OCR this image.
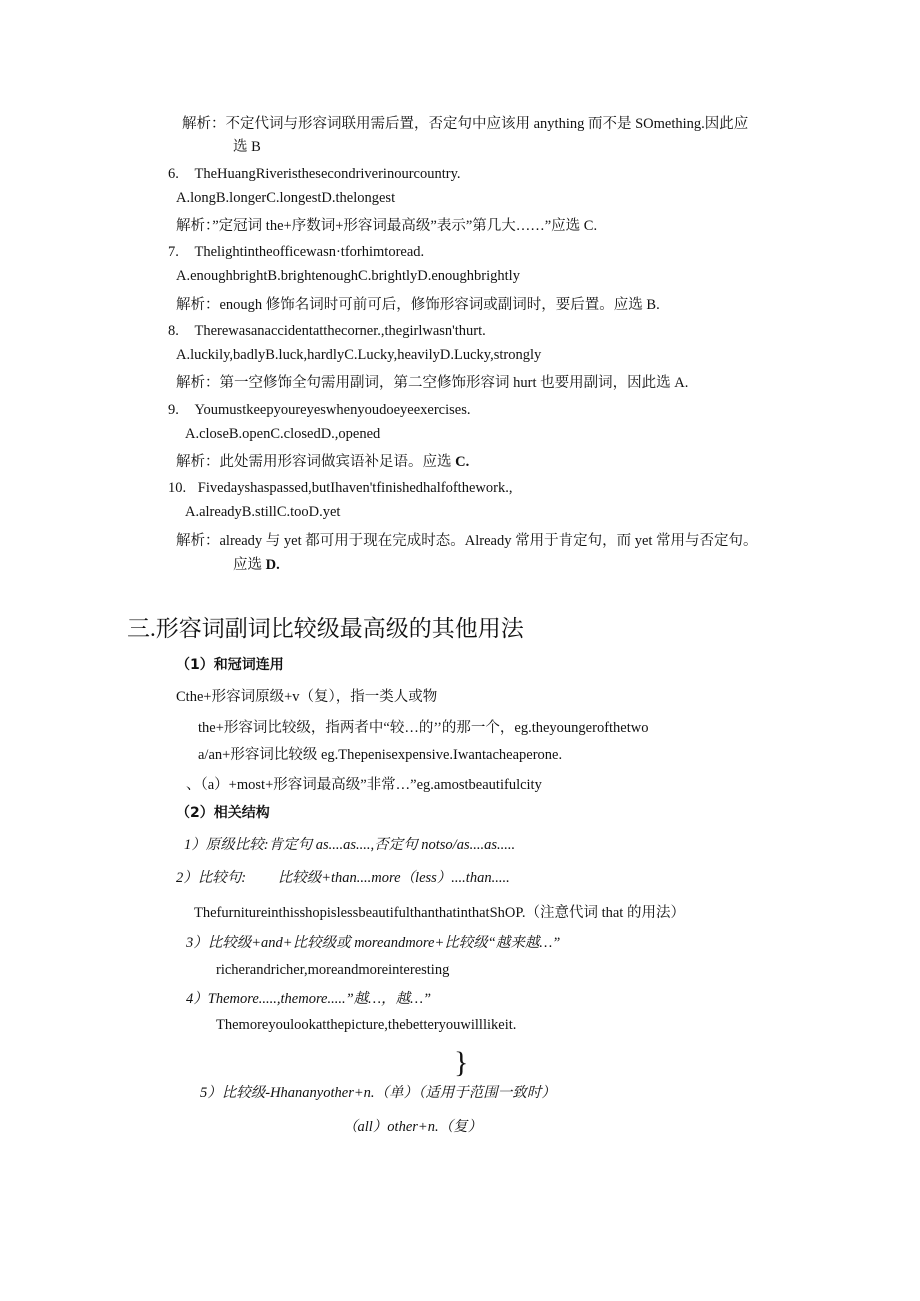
解析：不定代词与形容词联用需后置，否定句中应该用 anything 而不是 SOmething.因此应
选 B
6. TheHuangRiveristhesecondriverinourcountry.
A.longB.longerC.longestD.thelongest
解析：”定冠词 the+序数词+形容词最高级”表示”第几大……”应选 C.
7. Thelightintheofficewasn·tforhimtoread.
A.enoughbrightB.brightenoughC.brightlyD.enoughbrightly
解析：enough 修饰名词时可前可后，修饰形容词或副词时，要后置。应选 B.
8. Therewasanaccidentatthecorner.,thegirlwasn'thurt.
A.luckily,badlyB.luck,hardlyC.Lucky,heavilyD.Lucky,strongly
解析：第一空修饰全句需用副词，第二空修饰形容词 hurt 也要用副词，因此选 A.
9. Youmustkeepyoureyeswhenyoudoeyeexercises.
A.closeB.openC.closedD.,opened
解析：此处需用形容词做宾语补足语。应选 C.
10. Fivedayshaspassed,butIhaven'tfinishedhalfofthework.,
A.alreadyB.stillC.tooD.yet
解析：already 与 yet 都可用于现在完成时态。Already 常用于肯定句，而 yet 常用与否定句。
应选 D.
三.形容词副词比较级最高级的其他用法
（1）和冠词连用
Cthe+形容词原级+v（复），指一类人或物
the+形容词比较级，指两者中“较…的’’的那一个，eg.theyoungerofthetwo
a/an+形容词比较级 eg.Thepenisexpensive.Iwantacheaperone.
、（a）+most+形容词最高级”非常…”eg.amostbeautifulcity
（2）相关结构
1）原级比较:肯定句 as....as....,否定句 notso/as....as.....
2）比较句: 比较级+than....more（less）....than.....
ThefurnitureinthisshopislessbeautifulthanthatinthatShOP.（注意代词 that 的用法）
3）比较级+and+比较级或 moreandmore+比较级“越来越…”
richerandricher,moreandmoreinteresting
4）Themore.....,themore.....”越…，越…”
Themoreyoulookatthepicture,thebetteryouwilllikeit.
}
5）比较级-Hhananyother+n.（单）（适用于范围一致时）
（all）other+n.（复）
